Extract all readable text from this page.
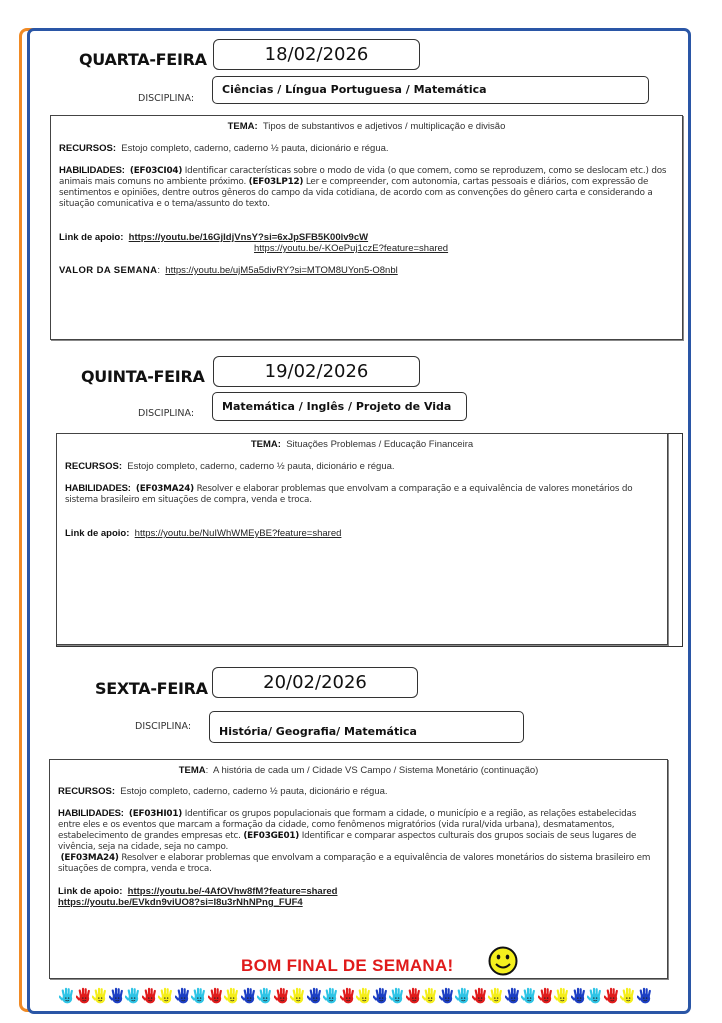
QUARTA-FEIRA	18/02/2026
DISCIPLINA:
Ciências / Língua Portuguesa / Matemática
TEMA: Tipos de substantivos e adjetivos / multiplicação e divisão

RECURSOS: Estojo completo, caderno, caderno ½ pauta, dicionário e régua.

HABILIDADES: (EF03CI04) Identificar características sobre o modo de vida (o que comem, como se reproduzem, como se deslocam etc.) dos animais mais comuns no ambiente próximo. (EF03LP12) Ler e compreender, com autonomia, cartas pessoais e diários, com expressão de sentimentos e opiniões, dentre outros gêneros do campo da vida cotidiana, de acordo com as convenções do gênero carta e considerando a situação comunicativa e o tema/assunto do texto.

Link de apoio: https://youtu.be/16GjIdjVnsY?si=6xJpSFB5K00lv9cW

https://youtu.be/-KOePuj1czE?feature=shared

VALOR DA SEMANA:  https://youtu.be/ujM5a5divRY?si=MTOM8UYon5-O8nbl

QUINTA-FEIRA	19/02/2026
DISCIPLINA:
Matemática / Inglês / Projeto de Vida
TEMA: Situações Problemas / Educação Financeira

RECURSOS: Estojo completo, caderno, caderno ½ pauta, dicionário e régua.

HABILIDADES: (EF03MA24) Resolver e elaborar problemas que envolvam a comparação e a equivalência de valores monetários do sistema brasileiro em situações de compra, venda e troca.

Link de apoio: https://youtu.be/NuIWhWMEyBE?feature=shared

SEXTA-FEIRA	20/02/2026
DISCIPLINA:	História/ Geografia/ Matemática
TEMA:  A história de cada um / Cidade VS Campo / Sistema Monetário (continuação)

RECURSOS: Estojo completo, caderno, caderno ½ pauta, dicionário e régua.

HABILIDADES: (EF03HI01) Identificar os grupos populacionais que formam a cidade, o município e a região, as relações estabelecidas entre eles e os eventos que marcam a formação da cidade, como fenômenos migratórios (vida rural/vida urbana), desmatamentos, estabelecimento de grandes empresas etc. (EF03GE01) Identificar e comparar aspectos culturais dos grupos sociais de seus lugares de vivência, seja na cidade, seja no campo.
(EF03MA24) Resolver e elaborar problemas que envolvam a comparação e a equivalência de valores monetários do sistema brasileiro em situações de compra, venda e troca.

Link de apoio: https://youtu.be/-4AfOVhw8fM?feature=shared

https://youtu.be/EVkdn9viUO8?si=I8u3rNhNPng_FUF4

BOM FINAL DE SEMANA!
